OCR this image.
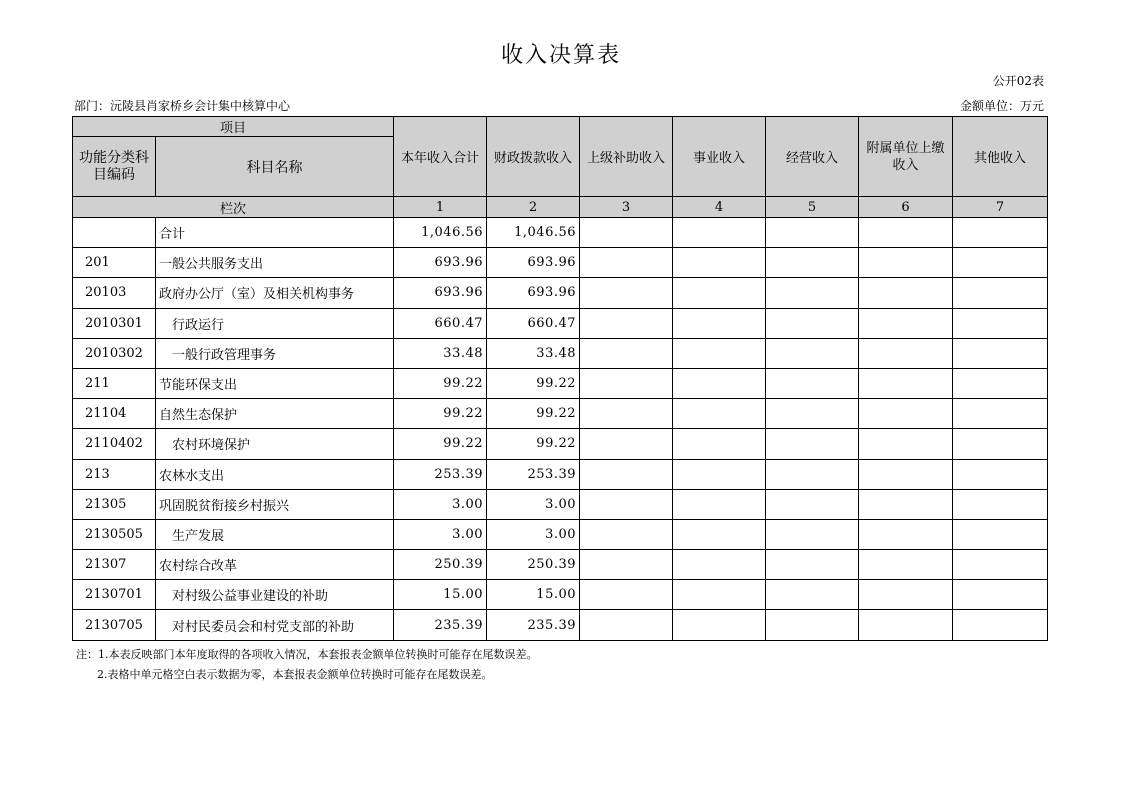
收入决算表
公开02表
部门：沅陵县肖家桥乡会计集中核算中心	金额单位：万元
项目		本年收入合计	财政拨款收入	上级补助收入	事业收入	经营收入	附属单位上缴收入	其他收入
功能分类科目编码	科目名称							
栏次		1	2	3	4	5	6	7
	合计	1,046.56	1,046.56					
201	一般公共服务支出	693.96	693.96					
20103	政府办公厅（室）及相关机构事务	693.96	693.96					
2010301	行政运行	660.47	660.47					
2010302	一般行政管理事务	33.48	33.48					
211	节能环保支出	99.22	99.22					
21104	自然生态保护	99.22	99.22					
2110402	农村环境保护	99.22	99.22					
213	农林水支出	253.39	253.39					
21305	巩固脱贫衔接乡村振兴	3.00	3.00					
2130505	生产发展	3.00	3.00					
21307	农村综合改革	250.39	250.39					
2130701	对村级公益事业建设的补助	15.00	15.00					
2130705	对村民委员会和村党支部的补助	235.39	235.39					
注：1.本表反映部门本年度取得的各项收入情况，本套报表金额单位转换时可能存在尾数误差。
2.表格中单元格空白表示数据为零，本套报表金额单位转换时可能存在尾数误差。
